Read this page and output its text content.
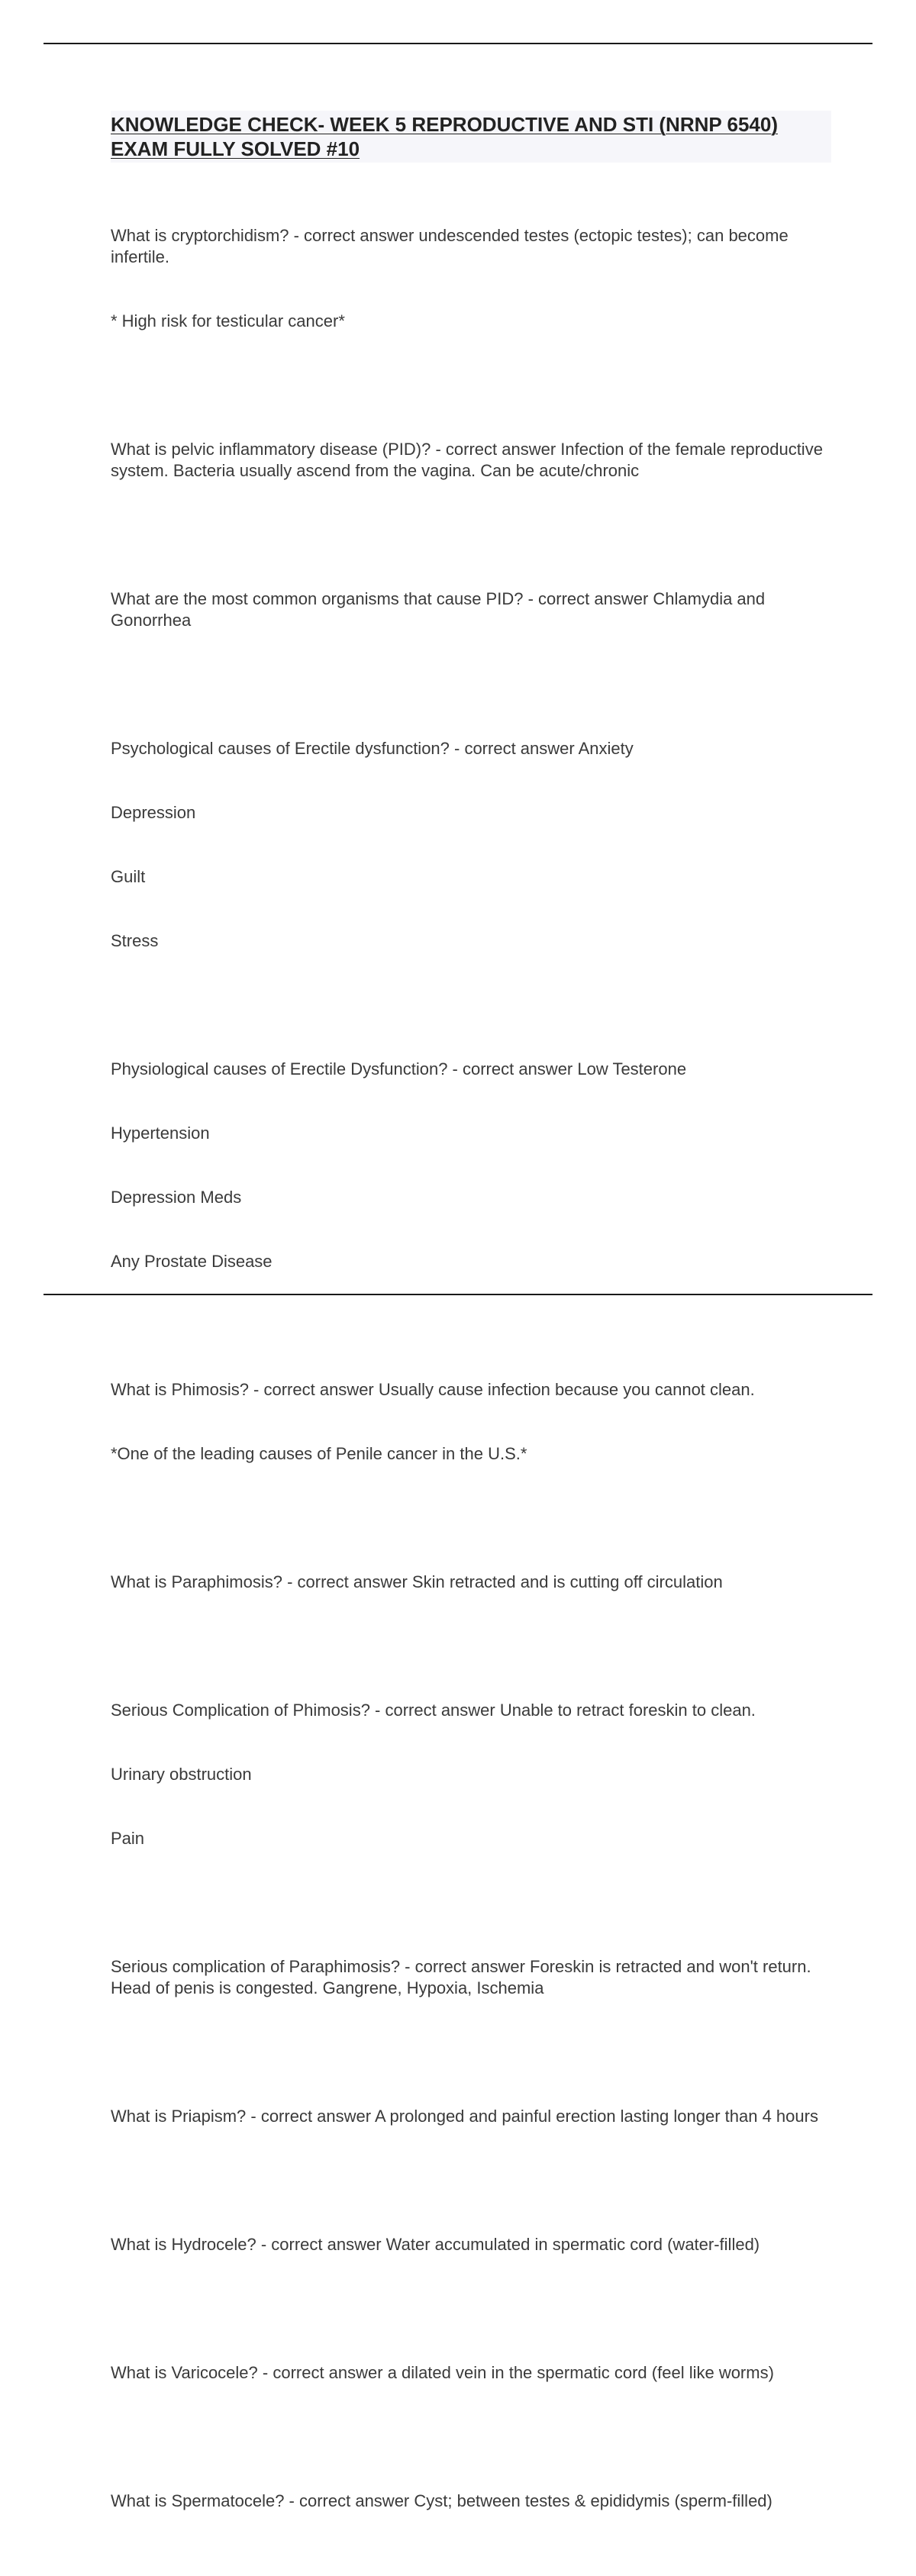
KNOWLEDGE CHECK- WEEK 5 REPRODUCTIVE AND STI (NRNP 6540) EXAM FULLY SOLVED #10

What is cryptorchidism? - correct answer undescended testes (ectopic testes); can become infertile.

* High risk for testicular cancer*

What is pelvic inflammatory disease (PID)? - correct answer Infection of the female reproductive system. Bacteria usually ascend from the vagina. Can be acute/chronic

What are the most common organisms that cause PID? - correct answer Chlamydia and Gonorrhea

Psychological causes of Erectile dysfunction? - correct answer Anxiety

Depression

Guilt

Stress

Physiological causes of Erectile Dysfunction? - correct answer Low Testerone

Hypertension

Depression Meds

Any Prostate Disease

What is Phimosis? - correct answer Usually cause infection because you cannot clean.

*One of the leading causes of Penile cancer in the U.S.*

What is Paraphimosis? - correct answer Skin retracted and is cutting off circulation

Serious Complication of Phimosis? - correct answer Unable to retract foreskin to clean.

Urinary obstruction

Pain

Serious complication of Paraphimosis? - correct answer Foreskin is retracted and won't return. Head of penis is congested. Gangrene, Hypoxia, Ischemia

What is Priapism? - correct answer A prolonged and painful erection lasting longer than 4 hours

What is Hydrocele? - correct answer Water accumulated in spermatic cord (water-filled)

What is Varicocele? - correct answer a dilated vein in the spermatic cord (feel like worms)

What is Spermatocele? - correct answer Cyst; between testes & epididymis (sperm-filled)
